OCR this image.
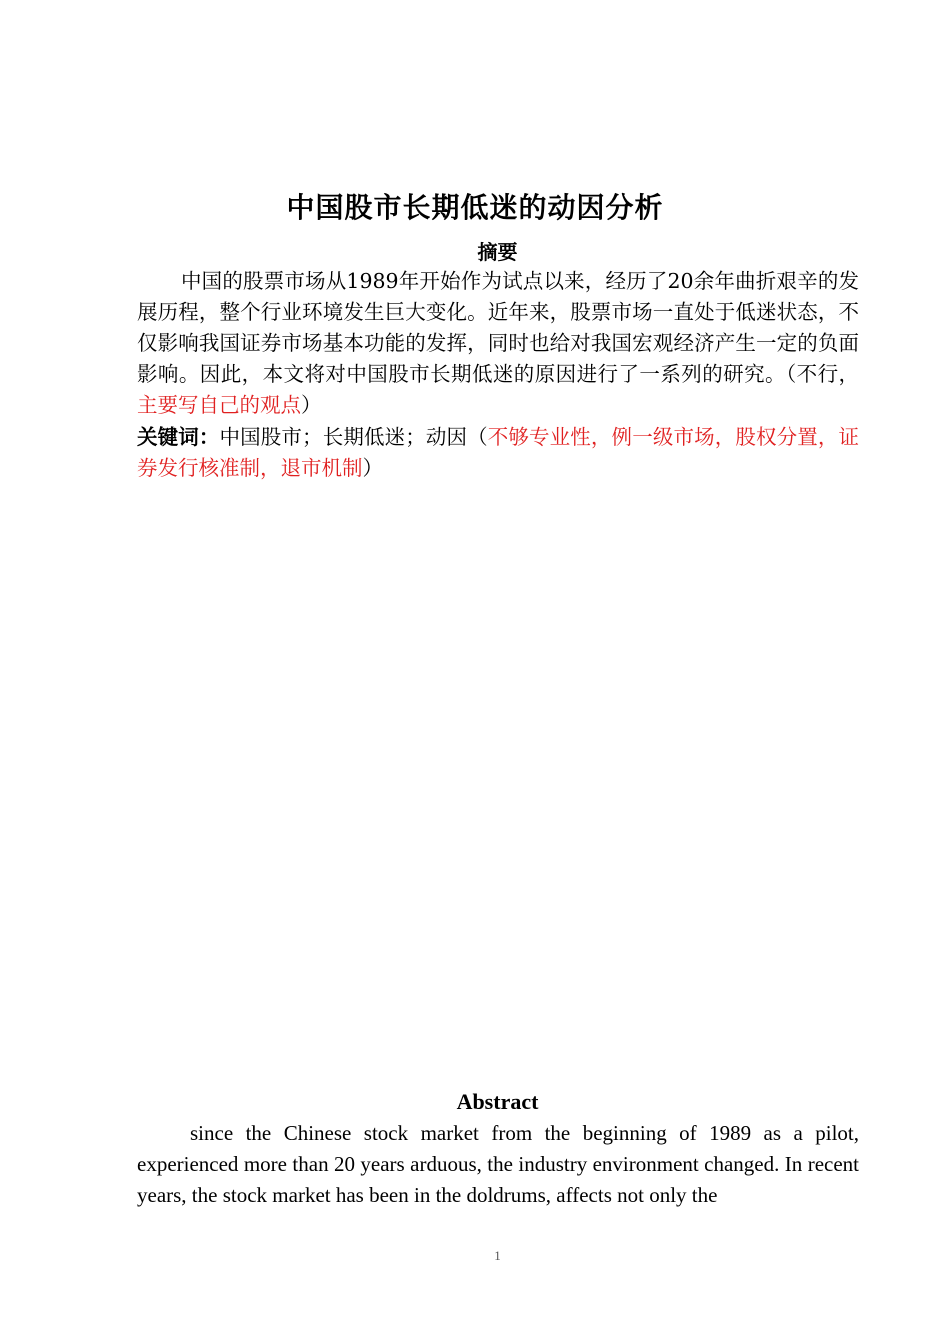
中国股市长期低迷的动因分析
摘要
中国的股票市场从1989年开始作为试点以来，经历了20余年曲折艰辛的发展历程，整个行业环境发生巨大变化。近年来，股票市场一直处于低迷状态，不仅影响我国证券市场基本功能的发挥，同时也给对我国宏观经济产生一定的负面影响。因此，本文将对中国股市长期低迷的原因进行了一系列的研究。（不行，主要写自己的观点）
关键词：中国股市；长期低迷；动因（不够专业性，例一级市场，股权分置，证券发行核准制，退市机制）
Abstract
since the Chinese stock market from the beginning of 1989 as a pilot, experienced more than 20 years arduous, the industry environment changed. In recent years, the stock market has been in the doldrums, affects not only the
1
